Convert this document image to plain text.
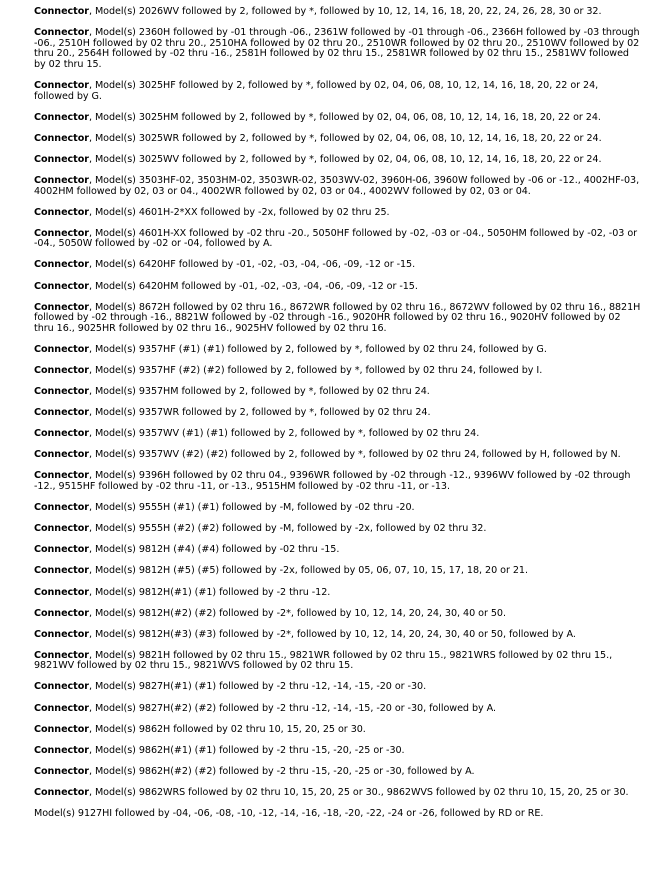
Connector, Model(s) 2026WV followed by 2, followed by *, followed by 10, 12, 14, 16, 18, 20, 22, 24, 26, 28, 30 or 32.

Connector, Model(s) 2360H followed by -01 through -06., 2361W followed by -01 through -06., 2366H followed by -03 through -06., 2510H followed by 02 thru 20., 2510HA followed by 02 thru 20., 2510WR followed by 02 thru 20., 2510WV followed by 02 thru 20., 2564H followed by -02 thru -16., 2581H followed by 02 thru 15., 2581WR followed by 02 thru 15., 2581WV followed by 02 thru 15.

Connector, Model(s) 3025HF followed by 2, followed by *, followed by 02, 04, 06, 08, 10, 12, 14, 16, 18, 20, 22 or 24, followed by G.

Connector, Model(s) 3025HM followed by 2, followed by *, followed by 02, 04, 06, 08, 10, 12, 14, 16, 18, 20, 22 or 24.

Connector, Model(s) 3025WR followed by 2, followed by *, followed by 02, 04, 06, 08, 10, 12, 14, 16, 18, 20, 22 or 24.

Connector, Model(s) 3025WV followed by 2, followed by *, followed by 02, 04, 06, 08, 10, 12, 14, 16, 18, 20, 22 or 24.

Connector, Model(s) 3503HF-02, 3503HM-02, 3503WR-02, 3503WV-02, 3960H-06, 3960W followed by -06 or -12., 4002HF-03, 4002HM followed by 02, 03 or 04., 4002WR followed by 02, 03 or 04., 4002WV followed by 02, 03 or 04.

Connector, Model(s) 4601H-2*XX followed by -2x, followed by 02 thru 25.

Connector, Model(s) 4601H-XX followed by -02 thru -20., 5050HF followed by -02, -03 or -04., 5050HM followed by -02, -03 or -04., 5050W followed by -02 or -04, followed by A.

Connector, Model(s) 6420HF followed by -01, -02, -03, -04, -06, -09, -12 or -15.

Connector, Model(s) 6420HM followed by -01, -02, -03, -04, -06, -09, -12 or -15.

Connector, Model(s) 8672H followed by 02 thru 16., 8672WR followed by 02 thru 16., 8672WV followed by 02 thru 16., 8821H followed by -02 through -16., 8821W followed by -02 through -16., 9020HR followed by 02 thru 16., 9020HV followed by 02 thru 16., 9025HR followed by 02 thru 16., 9025HV followed by 02 thru 16.

Connector, Model(s) 9357HF (#1) (#1) followed by 2, followed by *, followed by 02 thru 24, followed by G.

Connector, Model(s) 9357HF (#2) (#2) followed by 2, followed by *, followed by 02 thru 24, followed by I.

Connector, Model(s) 9357HM followed by 2, followed by *, followed by 02 thru 24.

Connector, Model(s) 9357WR followed by 2, followed by *, followed by 02 thru 24.

Connector, Model(s) 9357WV (#1) (#1) followed by 2, followed by *, followed by 02 thru 24.

Connector, Model(s) 9357WV (#2) (#2) followed by 2, followed by *, followed by 02 thru 24, followed by H, followed by N.

Connector, Model(s) 9396H followed by 02 thru 04., 9396WR followed by -02 through -12., 9396WV followed by -02 through -12., 9515HF followed by -02 thru -11, or -13., 9515HM followed by -02 thru -11, or -13.

Connector, Model(s) 9555H (#1) (#1) followed by -M, followed by -02 thru -20.

Connector, Model(s) 9555H (#2) (#2) followed by -M, followed by -2x, followed by 02 thru 32.

Connector, Model(s) 9812H (#4) (#4) followed by -02 thru -15.

Connector, Model(s) 9812H (#5) (#5) followed by -2x, followed by 05, 06, 07, 10, 15, 17, 18, 20 or 21.

Connector, Model(s) 9812H(#1) (#1) followed by -2 thru -12.

Connector, Model(s) 9812H(#2) (#2) followed by -2*, followed by 10, 12, 14, 20, 24, 30, 40 or 50.

Connector, Model(s) 9812H(#3) (#3) followed by -2*, followed by 10, 12, 14, 20, 24, 30, 40 or 50, followed by A.

Connector, Model(s) 9821H followed by 02 thru 15., 9821WR followed by 02 thru 15., 9821WRS followed by 02 thru 15., 9821WV followed by 02 thru 15., 9821WVS followed by 02 thru 15.

Connector, Model(s) 9827H(#1) (#1) followed by -2 thru -12, -14, -15, -20 or -30.

Connector, Model(s) 9827H(#2) (#2) followed by -2 thru -12, -14, -15, -20 or -30, followed by A.

Connector, Model(s) 9862H followed by 02 thru 10, 15, 20, 25 or 30.

Connector, Model(s) 9862H(#1) (#1) followed by -2 thru -15, -20, -25 or -30.

Connector, Model(s) 9862H(#2) (#2) followed by -2 thru -15, -20, -25 or -30, followed by A.

Connector, Model(s) 9862WRS followed by 02 thru 10, 15, 20, 25 or 30., 9862WVS followed by 02 thru 10, 15, 20, 25 or 30.

Model(s) 9127HI followed by -04, -06, -08, -10, -12, -14, -16, -18, -20, -22, -24 or -26, followed by RD or RE.
